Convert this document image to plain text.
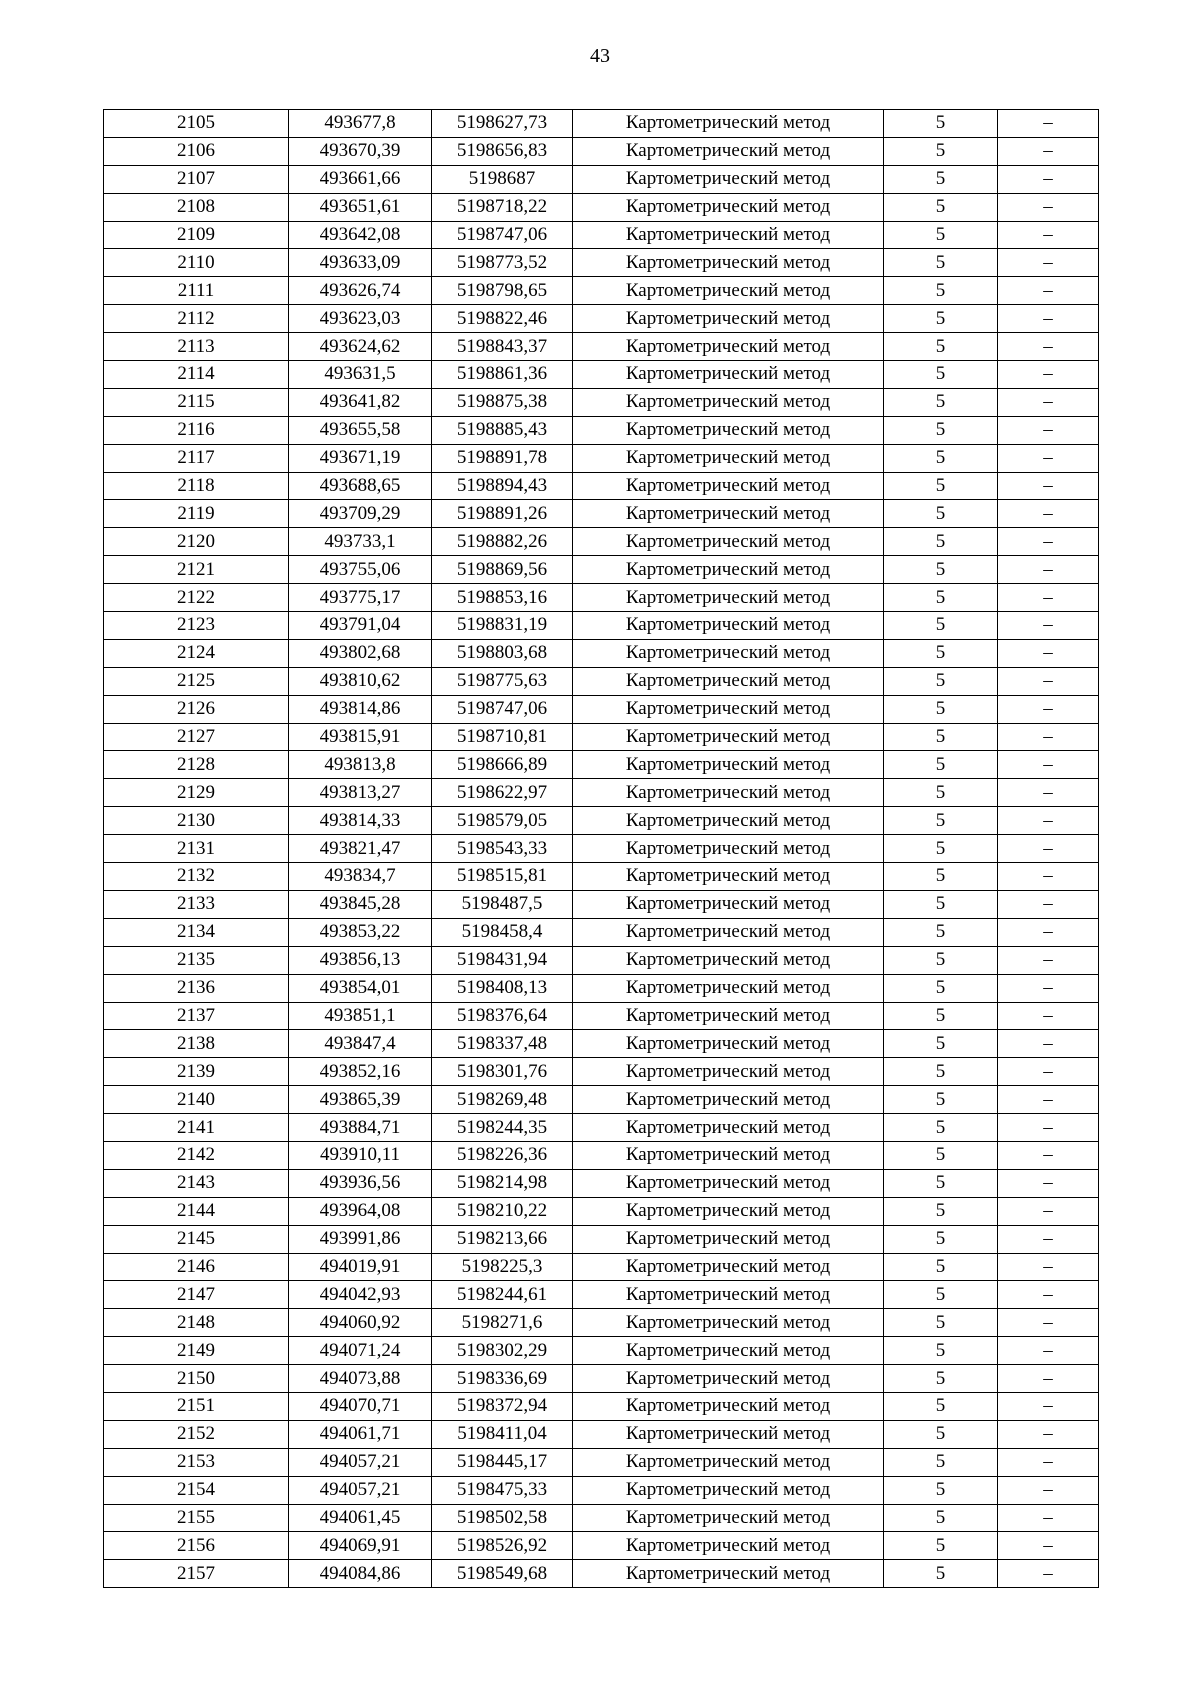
43
2105	493677,8	5198627,73	Картометрический метод	5	–
2106	493670,39	5198656,83	Картометрический метод	5	–
2107	493661,66	5198687	Картометрический метод	5	–
2108	493651,61	5198718,22	Картометрический метод	5	–
2109	493642,08	5198747,06	Картометрический метод	5	–
2110	493633,09	5198773,52	Картометрический метод	5	–
2111	493626,74	5198798,65	Картометрический метод	5	–
2112	493623,03	5198822,46	Картометрический метод	5	–
2113	493624,62	5198843,37	Картометрический метод	5	–
2114	493631,5	5198861,36	Картометрический метод	5	–
2115	493641,82	5198875,38	Картометрический метод	5	–
2116	493655,58	5198885,43	Картометрический метод	5	–
2117	493671,19	5198891,78	Картометрический метод	5	–
2118	493688,65	5198894,43	Картометрический метод	5	–
2119	493709,29	5198891,26	Картометрический метод	5	–
2120	493733,1	5198882,26	Картометрический метод	5	–
2121	493755,06	5198869,56	Картометрический метод	5	–
2122	493775,17	5198853,16	Картометрический метод	5	–
2123	493791,04	5198831,19	Картометрический метод	5	–
2124	493802,68	5198803,68	Картометрический метод	5	–
2125	493810,62	5198775,63	Картометрический метод	5	–
2126	493814,86	5198747,06	Картометрический метод	5	–
2127	493815,91	5198710,81	Картометрический метод	5	–
2128	493813,8	5198666,89	Картометрический метод	5	–
2129	493813,27	5198622,97	Картометрический метод	5	–
2130	493814,33	5198579,05	Картометрический метод	5	–
2131	493821,47	5198543,33	Картометрический метод	5	–
2132	493834,7	5198515,81	Картометрический метод	5	–
2133	493845,28	5198487,5	Картометрический метод	5	–
2134	493853,22	5198458,4	Картометрический метод	5	–
2135	493856,13	5198431,94	Картометрический метод	5	–
2136	493854,01	5198408,13	Картометрический метод	5	–
2137	493851,1	5198376,64	Картометрический метод	5	–
2138	493847,4	5198337,48	Картометрический метод	5	–
2139	493852,16	5198301,76	Картометрический метод	5	–
2140	493865,39	5198269,48	Картометрический метод	5	–
2141	493884,71	5198244,35	Картометрический метод	5	–
2142	493910,11	5198226,36	Картометрический метод	5	–
2143	493936,56	5198214,98	Картометрический метод	5	–
2144	493964,08	5198210,22	Картометрический метод	5	–
2145	493991,86	5198213,66	Картометрический метод	5	–
2146	494019,91	5198225,3	Картометрический метод	5	–
2147	494042,93	5198244,61	Картометрический метод	5	–
2148	494060,92	5198271,6	Картометрический метод	5	–
2149	494071,24	5198302,29	Картометрический метод	5	–
2150	494073,88	5198336,69	Картометрический метод	5	–
2151	494070,71	5198372,94	Картометрический метод	5	–
2152	494061,71	5198411,04	Картометрический метод	5	–
2153	494057,21	5198445,17	Картометрический метод	5	–
2154	494057,21	5198475,33	Картометрический метод	5	–
2155	494061,45	5198502,58	Картометрический метод	5	–
2156	494069,91	5198526,92	Картометрический метод	5	–
2157	494084,86	5198549,68	Картометрический метод	5	–
